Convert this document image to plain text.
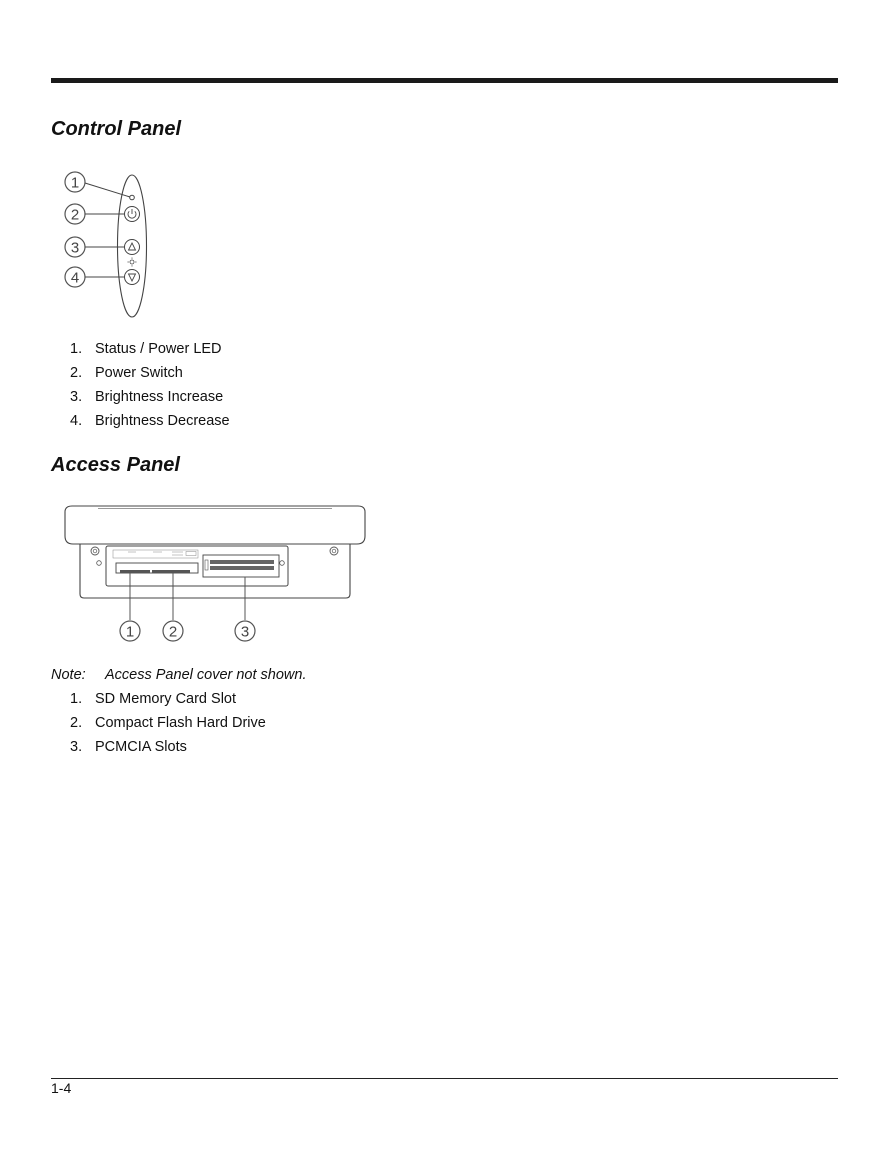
Control Panel
1
2
3
4
1. Status / Power LED
2. Power Switch
3. Brightness Increase
4. Brightness Decrease
Access Panel
1 2	3
Note: Access Panel cover not shown.
1. SD Memory Card Slot
2. Compact Flash Hard Drive
3. PCMCIA Slots
1-4
